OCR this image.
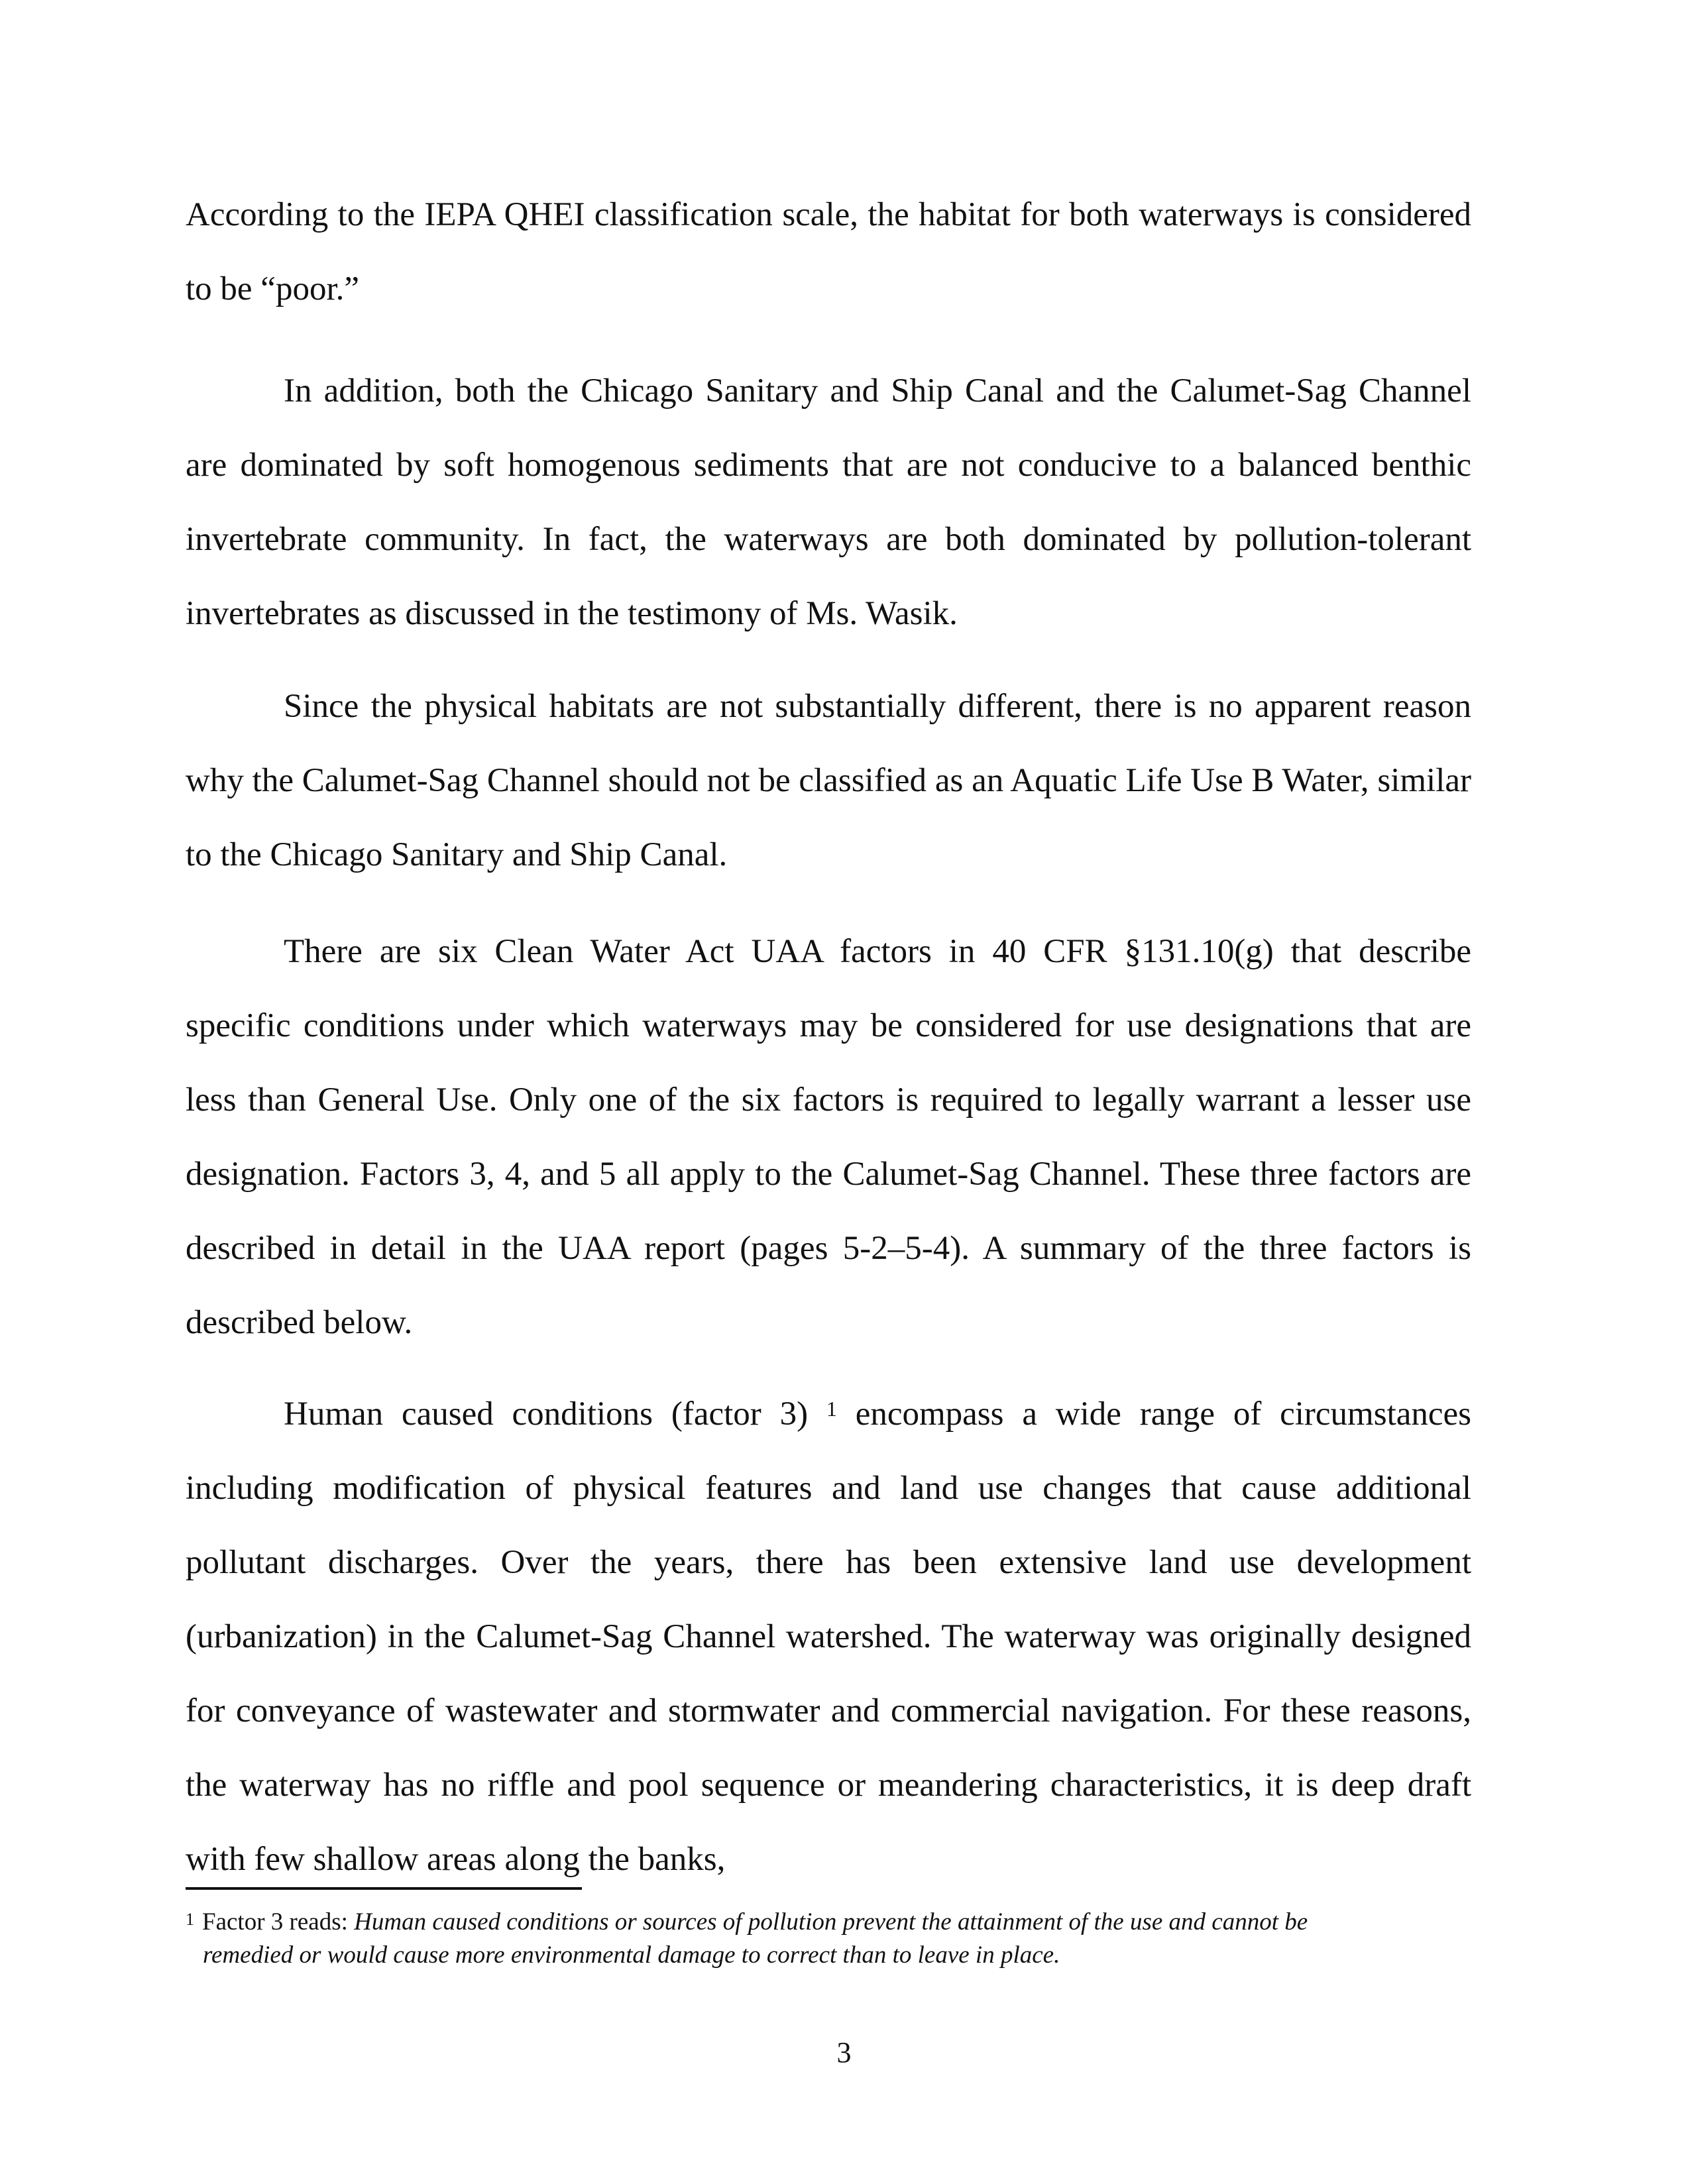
According to the IEPA QHEI classification scale, the habitat for both waterways is considered to be “poor.”

In addition, both the Chicago Sanitary and Ship Canal and the Calumet-Sag Channel are dominated by soft homogenous sediments that are not conducive to a balanced benthic invertebrate community. In fact, the waterways are both dominated by pollution-tolerant invertebrates as discussed in the testimony of Ms. Wasik.

Since the physical habitats are not substantially different, there is no apparent reason why the Calumet-Sag Channel should not be classified as an Aquatic Life Use B Water, similar to the Chicago Sanitary and Ship Canal.

There are six Clean Water Act UAA factors in 40 CFR §131.10(g) that describe specific conditions under which waterways may be considered for use designations that are less than General Use. Only one of the six factors is required to legally warrant a lesser use designation. Factors 3, 4, and 5 all apply to the Calumet-Sag Channel. These three factors are described in detail in the UAA report (pages 5-2–5-4). A summary of the three factors is described below.

Human caused conditions (factor 3) $^1$ encompass a wide range of circumstances including modification of physical features and land use changes that cause additional pollutant discharges. Over the years, there has been extensive land use development (urbanization) in the Calumet-Sag Channel watershed. The waterway was originally designed for conveyance of wastewater and stormwater and commercial navigation. For these reasons, the waterway has no riffle and pool sequence or meandering characteristics, it is deep draft with few shallow areas along the banks,

$^1$ Factor 3 reads: Human caused conditions or sources of pollution prevent the attainment of the use and cannot be
remedied or would cause more environmental damage to correct than to leave in place.

3
